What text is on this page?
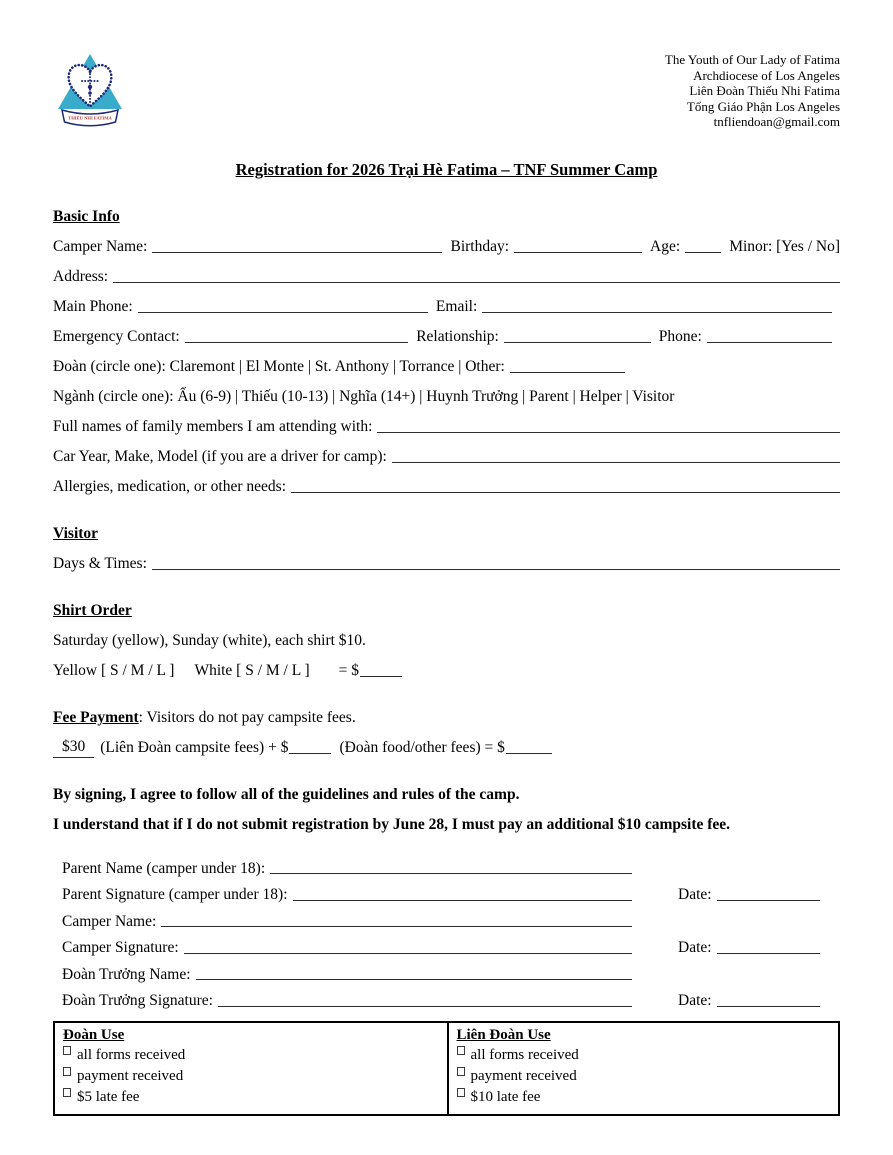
THIẾU NHI FATIMA
The Youth of Our Lady of Fatima
Archdiocese of Los Angeles
Liên Đoàn Thiếu Nhi Fatima
Tổng Giáo Phận Los Angeles
tnfliendoan@gmail.com
Registration for 2026 Trại Hè Fatima – TNF Summer Camp
Basic Info
Camper Name:	Birthday:	Age:	Minor: [Yes / No]
Address:
Main Phone:	Email:
Emergency Contact:	Relationship:	Phone:
Đoàn (circle one): Claremont | El Monte | St. Anthony | Torrance | Other:
Ngành (circle one): Ấu (6-9) | Thiếu (10-13) | Nghĩa (14+) | Huynh Trưởng | Parent | Helper | Visitor
Full names of family members I am attending with:
Car Year, Make, Model (if you are a driver for camp):
Allergies, medication, or other needs:
Visitor
Days & Times:
Shirt Order
Saturday (yellow), Sunday (white), each shirt $10.
Yellow [ S / M / L ] White [ S / M / L ] = $
Fee Payment : Visitors do not pay campsite fees.
$30 (Liên Đoàn campsite fees) + $	(Đoàn food/other fees) = $
By signing, I agree to follow all of the guidelines and rules of the camp.
I understand that if I do not submit registration by June 28, I must pay an additional $10 campsite fee.
Parent Name (camper under 18):
Parent Signature (camper under 18):	Date:
Camper Name:
Camper Signature:	Date:
Đoàn Trưởng Name:
Đoàn Trưởng Signature:	Date:
Đoàn Use
all forms received
payment received
$5 late fee
Liên Đoàn Use
all forms received
payment received
$10 late fee
